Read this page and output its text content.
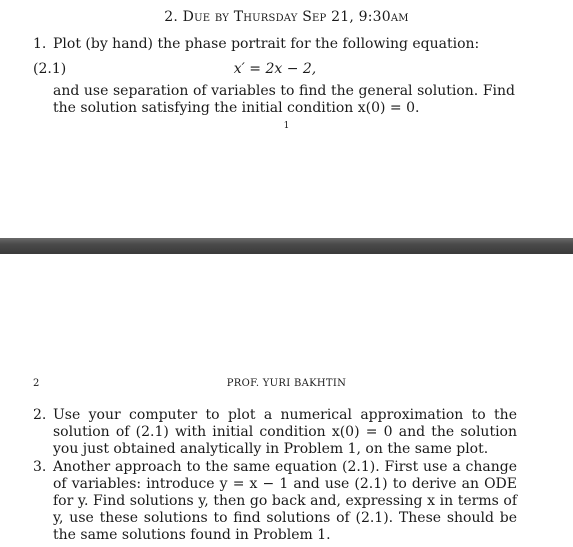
2. Due by Thursday Sep 21, 9:30am
1. Plot (by hand) the phase portrait for the following equation:
(2.1)	x′ = 2x − 2,
and use separation of variables to find the general solution. Find the solution satisfying the initial condition x(0) = 0.
1
2	PROF. YURI BAKHTIN
2. Use your computer to plot a numerical approximation to the solution of (2.1) with initial condition x(0) = 0 and the solution you just obtained analytically in Problem 1, on the same plot.
3. Another approach to the same equation (2.1). First use a change of variables: introduce y = x − 1 and use (2.1) to derive an ODE for y. Find solutions y, then go back and, expressing x in terms of y, use these solutions to find solutions of (2.1). These should be the same solutions found in Problem 1.
